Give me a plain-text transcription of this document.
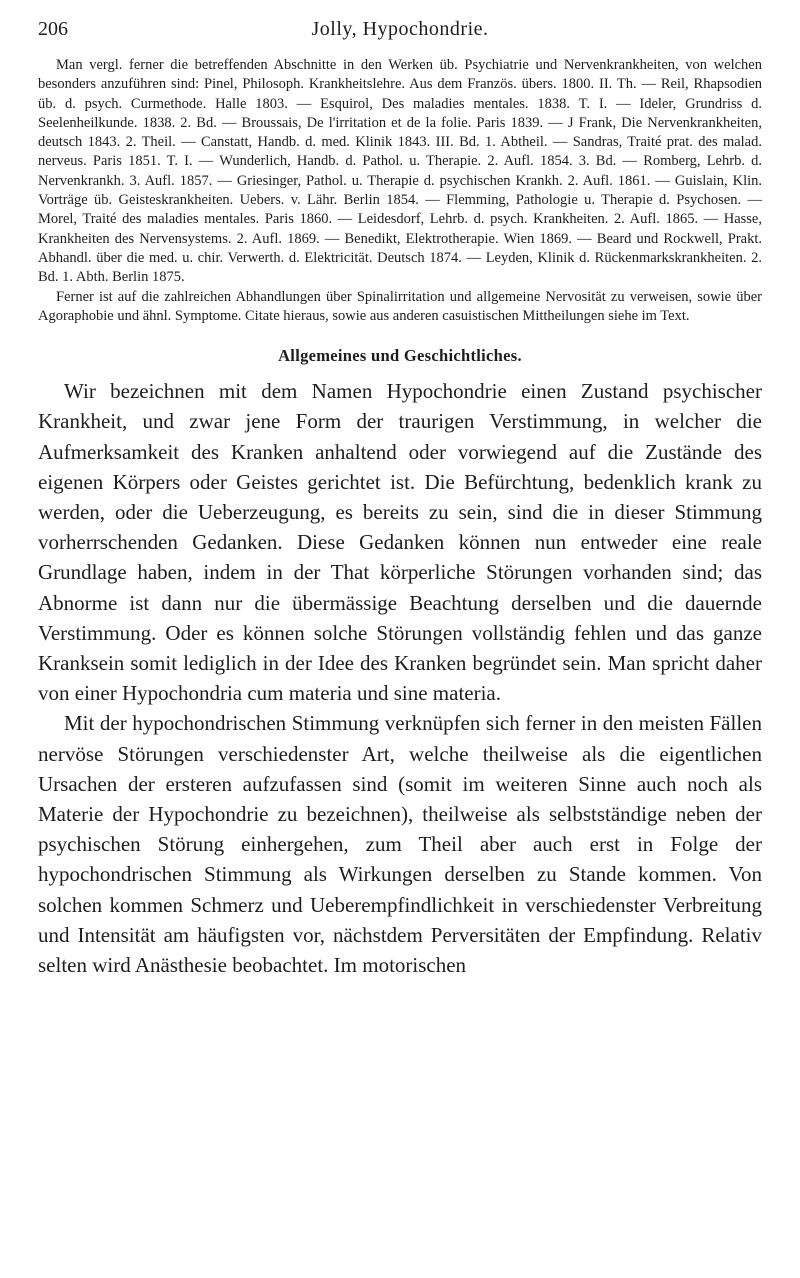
206	Jolly, Hypochondrie.

Man vergl. ferner die betreffenden Abschnitte in den Werken üb. Psychiatrie und Nervenkrankheiten, von welchen besonders anzuführen sind: Pinel, Philosoph. Krankheitslehre. Aus dem Französ. übers. 1800. II. Th. — Reil, Rhapsodien üb. d. psych. Curmethode. Halle 1803. — Esquirol, Des maladies mentales. 1838. T. I. — Ideler, Grundriss d. Seelenheilkunde. 1838. 2. Bd. — Broussais, De l'irritation et de la folie. Paris 1839. — J Frank, Die Nervenkrankheiten, deutsch 1843. 2. Theil. — Canstatt, Handb. d. med. Klinik 1843. III. Bd. 1. Abtheil. — Sandras, Traité prat. des malad. nerveus. Paris 1851. T. I. — Wunderlich, Handb. d. Pathol. u. Therapie. 2. Aufl. 1854. 3. Bd. — Romberg, Lehrb. d. Nervenkrankh. 3. Aufl. 1857. — Griesinger, Pathol. u. Therapie d. psychischen Krankh. 2. Aufl. 1861. — Guislain, Klin. Vorträge üb. Geisteskrankheiten. Uebers. v. Lähr. Berlin 1854. — Flemming, Pathologie u. Therapie d. Psychosen. — Morel, Traité des maladies mentales. Paris 1860. — Leidesdorf, Lehrb. d. psych. Krankheiten. 2. Aufl. 1865. — Hasse, Krankheiten des Nervensystems. 2. Aufl. 1869. — Benedikt, Elektrotherapie. Wien 1869. — Beard und Rockwell, Prakt. Abhandl. über die med. u. chir. Verwerth. d. Elektricität. Deutsch 1874. — Leyden, Klinik d. Rückenmarkskrankheiten. 2. Bd. 1. Abth. Berlin 1875.

Ferner ist auf die zahlreichen Abhandlungen über Spinalirritation und allgemeine Nervosität zu verweisen, sowie über Agoraphobie und ähnl. Symptome. Citate hieraus, sowie aus anderen casuistischen Mittheilungen siehe im Text.

Allgemeines und Geschichtliches.

Wir bezeichnen mit dem Namen Hypochondrie einen Zustand psychischer Krankheit, und zwar jene Form der traurigen Verstimmung, in welcher die Aufmerksamkeit des Kranken anhaltend oder vorwiegend auf die Zustände des eigenen Körpers oder Geistes gerichtet ist. Die Befürchtung, bedenklich krank zu werden, oder die Ueberzeugung, es bereits zu sein, sind die in dieser Stimmung vorherrschenden Gedanken. Diese Gedanken können nun entweder eine reale Grundlage haben, indem in der That körperliche Störungen vorhanden sind; das Abnorme ist dann nur die übermässige Beachtung derselben und die dauernde Verstimmung. Oder es können solche Störungen vollständig fehlen und das ganze Kranksein somit lediglich in der Idee des Kranken begründet sein. Man spricht daher von einer Hypochondria cum materia und sine materia.

Mit der hypochondrischen Stimmung verknüpfen sich ferner in den meisten Fällen nervöse Störungen verschiedenster Art, welche theilweise als die eigentlichen Ursachen der ersteren aufzufassen sind (somit im weiteren Sinne auch noch als Materie der Hypochondrie zu bezeichnen), theilweise als selbstständige neben der psychischen Störung einhergehen, zum Theil aber auch erst in Folge der hypochondrischen Stimmung als Wirkungen derselben zu Stande kommen. Von solchen kommen Schmerz und Ueberempfindlichkeit in verschiedenster Verbreitung und Intensität am häufigsten vor, nächstdem Perversitäten der Empfindung. Relativ selten wird Anästhesie beobachtet. Im motorischen
